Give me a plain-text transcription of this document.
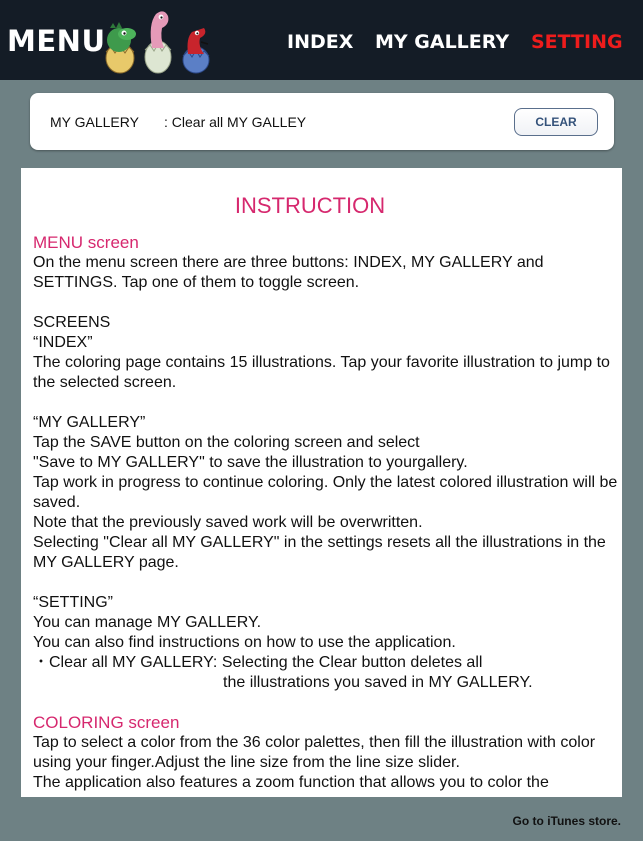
MENU	INDEX MY GALLERY SETTING
MY GALLERY : Clear all MY GALLEY	CLEAR
INSTRUCTION
MENU screen
On the menu screen there are three buttons: INDEX, MY GALLERY and SETTINGS. Tap one of them to toggle screen.
SCREENS
“INDEX”
The coloring page contains 15 illustrations. Tap your favorite illustration to jump to the selected screen.
“MY GALLERY”
Tap the SAVE button on the coloring screen and select
"Save to MY GALLERY" to save the illustration to yourgallery.
Tap work in progress to continue coloring. Only the latest colored illustration will be saved.
Note that the previously saved work will be overwritten.
Selecting "Clear all MY GALLERY" in the settings resets all the illustrations in the MY GALLERY page.
“SETTING”
You can manage MY GALLERY.
You can also find instructions on how to use the application.
・Clear all MY GALLERY: Selecting the Clear button deletes all
the illustrations you saved in MY GALLERY.
COLORING screen
Tap to select a color from the 36 color palettes, then fill the illustration with color using your finger.Adjust the line size from the line size slider.
The application also features a zoom function that allows you to color the
Go to iTunes store.
